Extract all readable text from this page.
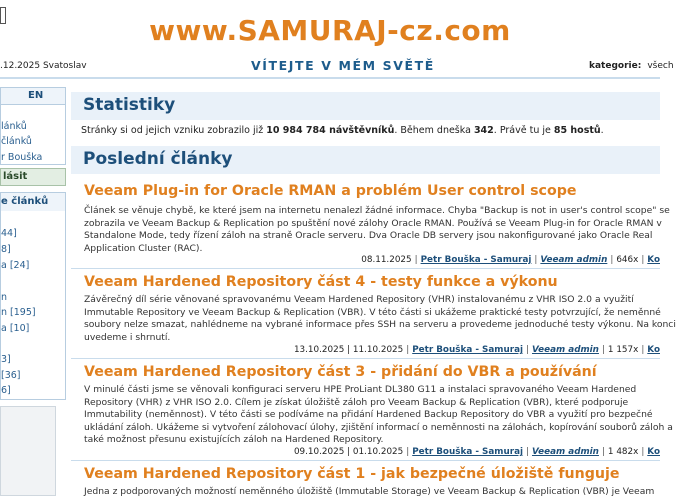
www.SAMURAJ-cz.com
.12.2025 Svatoslav	VÍTEJTE V MÉM SVĚTĚ	kategorie: všech
EN
lánků
článků
r Bouška
lásit
e článků
44]
8]
a [24]
n
n [195]
a [10]
3]
[36]
6]
Statistiky
Stránky si od jejich vzniku zobrazilo již 10 984 784 návštěvníků. Během dneška 342. Právě tu je 85 hostů.
Poslední články
Veeam Plug-in for Oracle RMAN a problém User control scope
Článek se věnuje chybě, ke které jsem na internetu nenalezl žádné informace. Chyba "Backup is not in user's control scope" se zobrazila ve Veeam Backup & Replication po spuštění nové zálohy Oracle RMAN. Používá se Veeam Plug-in for Oracle RMAN v Standalone Mode, tedy řízení záloh na straně Oracle serveru. Dva Oracle DB servery jsou nakonfigurované jako Oracle Real Application Cluster (RAC).
08.11.2025 | Petr Bouška - Samuraj | Veeam admin | 646x | Ko
Veeam Hardened Repository část 4 - testy funkce a výkonu
Závěrečný díl série věnované spravovanému Veeam Hardened Repository (VHR) instalovanému z VHR ISO 2.0 a využití Immutable Repository ve Veeam Backup & Replication (VBR). V této části si ukážeme praktické testy potvrzující, že neměnné soubory nelze smazat, nahlédneme na vybrané informace přes SSH na serveru a provedeme jednoduché testy výkonu. Na konci uvedeme i shrnutí.
13.10.2025 | 11.10.2025 | Petr Bouška - Samuraj | Veeam admin | 1 157x | Ko
Veeam Hardened Repository část 3 - přidání do VBR a používání
V minulé části jsme se věnovali konfiguraci serveru HPE ProLiant DL380 G11 a instalaci spravovaného Veeam Hardened Repository (VHR) z VHR ISO 2.0. Cílem je získat úložiště záloh pro Veeam Backup & Replication (VBR), které podporuje Immutability (neměnnost). V této části se podíváme na přidání Hardened Backup Repository do VBR a využití pro bezpečné ukládání záloh. Ukážeme si vytvoření zálohovací úlohy, zjištění informací o neměnnosti na zálohách, kopírování souborů záloh a také možnost přesunu existujících záloh na Hardened Repository.
09.10.2025 | 01.10.2025 | Petr Bouška - Samuraj | Veeam admin | 1 482x | Ko
Veeam Hardened Repository část 1 - jak bezpečné úložiště funguje
Jedna z podporovaných možností neměnného úložiště (Immutable Storage) ve Veeam Backup & Replication (VBR) je Veeam
